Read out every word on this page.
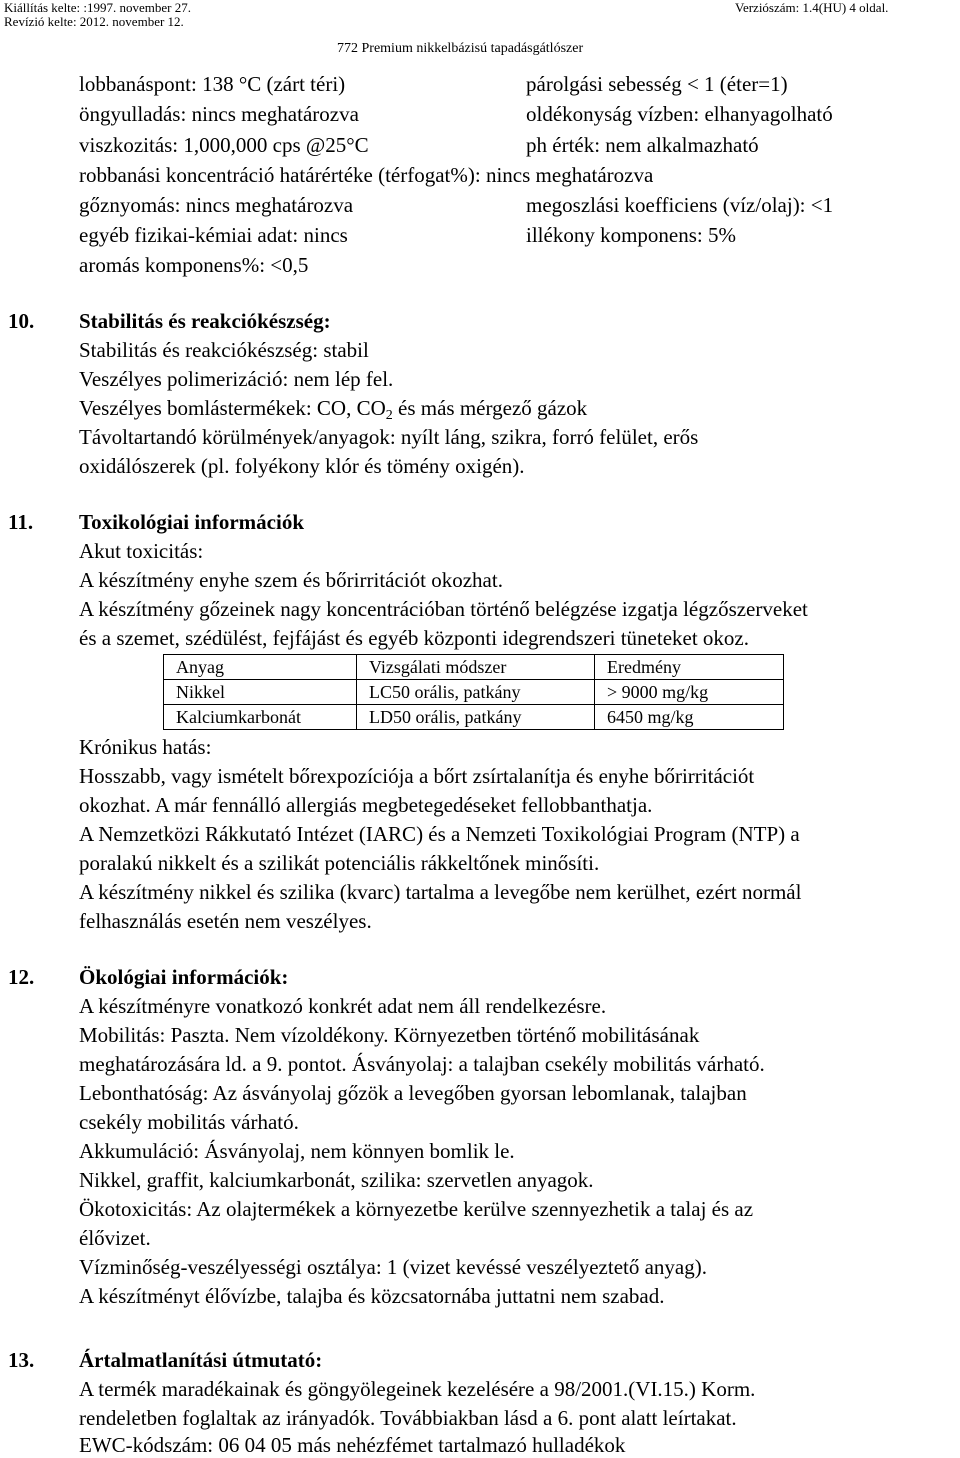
Kiállítás kelte: :1997. november 27.
Revízió kelte: 2012. november 12.
Verziószám: 1.4(HU) 4 oldal.
772 Premium nikkelbázisú tapadásgátlószer
lobbanáspont: 138 °C (zárt téri)	párolgási sebesség < 1 (éter=1)
öngyulladás: nincs meghatározva	oldékonyság vízben: elhanyagolható
viszkozitás: 1,000,000 cps @25°C	ph érték: nem alkalmazható
robbanási koncentráció határértéke (térfogat%): nincs meghatározva
gőznyomás: nincs meghatározva	megoszlási koefficiens (víz/olaj): <1
egyéb fizikai-kémiai adat: nincs	illékony komponens: 5%
aromás komponens%: <0,5
10. Stabilitás és reakciókészség:
Stabilitás és reakciókészség: stabil
Veszélyes polimerizáció: nem lép fel.
Veszélyes bomlástermékek: CO, $CO_2$ és más mérgező gázok
Távoltartandó körülmények/anyagok: nyílt láng, szikra, forró felület, erős
oxidálószerek (pl. folyékony klór és tömény oxigén).
11. Toxikológiai információk
Akut toxicitás:
A készítmény enyhe szem és bőrirritációt okozhat.
A készítmény gőzeinek nagy koncentrációban történő belégzése izgatja légzőszerveket
és a szemet, szédülést, fejfájást és egyéb központi idegrendszeri tüneteket okoz.
Anyag	Vizsgálati módszer	Eredmény
Nikkel	LC50 orális, patkány	> 9000 mg/kg
Kalciumkarbonát	LD50 orális, patkány	6450 mg/kg
Krónikus hatás:
Hosszabb, vagy ismételt bőrexpozíciója a bőrt zsírtalanítja és enyhe bőrirritációt
okozhat. A már fennálló allergiás megbetegedéseket fellobbanthatja.
A Nemzetközi Rákkutató Intézet (IARC) és a Nemzeti Toxikológiai Program (NTP) a
poralakú nikkelt és a szilikát potenciális rákkeltőnek minősíti.
A készítmény nikkel és szilika (kvarc) tartalma a levegőbe nem kerülhet, ezért normál
felhasználás esetén nem veszélyes.
12. Ökológiai információk:
A készítményre vonatkozó konkrét adat nem áll rendelkezésre.
Mobilitás: Paszta. Nem vízoldékony. Környezetben történő mobilitásának
meghatározására ld. a 9. pontot. Ásványolaj: a talajban csekély mobilitás várható.
Lebonthatóság: Az ásványolaj gőzök a levegőben gyorsan lebomlanak, talajban
csekély mobilitás várható.
Akkumuláció: Ásványolaj, nem könnyen bomlik le.
Nikkel, graffit, kalciumkarbonát, szilika: szervetlen anyagok.
Ökotoxicitás: Az olajtermékek a környezetbe kerülve szennyezhetik a talaj és az
élővizet.
Vízminőség-veszélyességi osztálya: 1 (vizet kevéssé veszélyeztető anyag).
A készítményt élővízbe, talajba és közcsatornába juttatni nem szabad.
13. Ártalmatlanítási útmutató:
A termék maradékainak és göngyölegeinek kezelésére a 98/2001.(VI.15.) Korm.
rendeletben foglaltak az irányadók. Továbbiakban lásd a 6. pont alatt leírtakat.
EWC-kódszám: 06 04 05 más nehézfémet tartalmazó hulladékok
